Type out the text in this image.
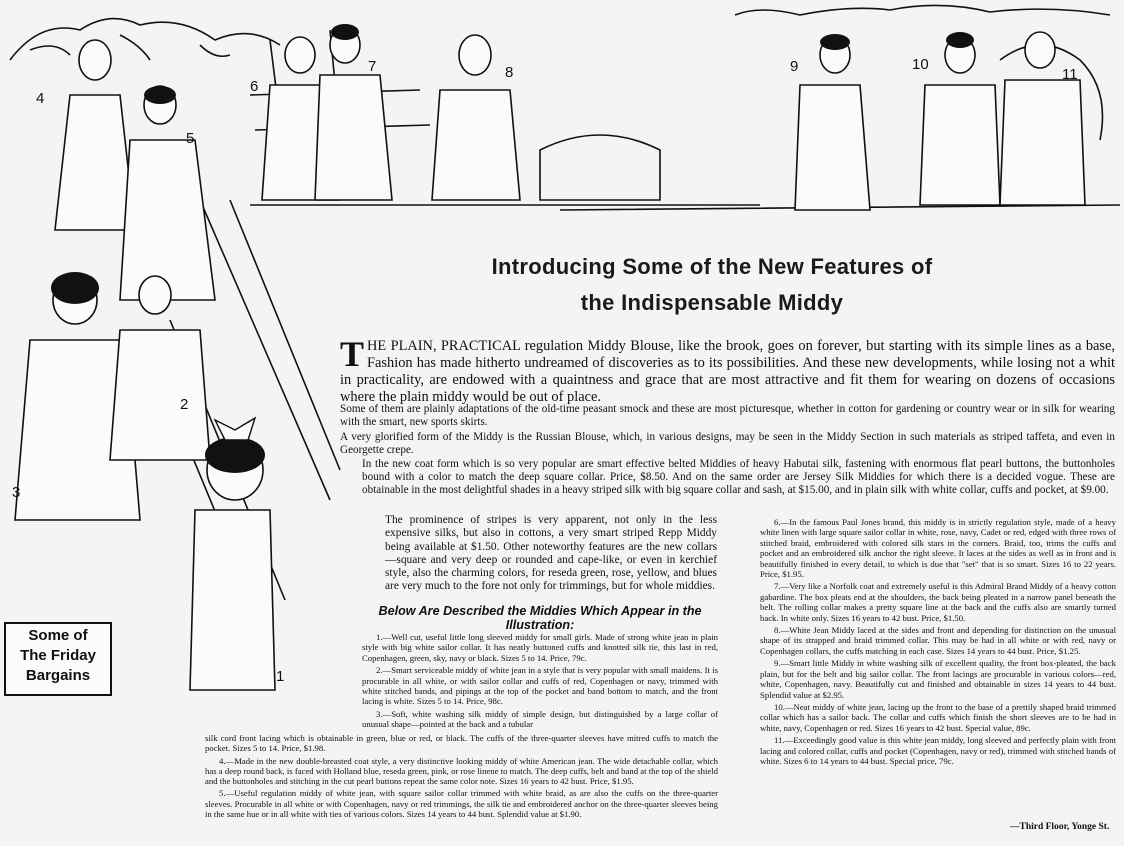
4
5
6
7	8	9	10
11
3
2
1
Introducing Some of the New Features of
the Indispensable Middy
THE PLAIN, PRACTICAL regulation Middy Blouse, like the brook, goes on forever, but starting with its simple lines as a base, Fashion has made hitherto undreamed of discoveries as to its possibilities. And these new developments, while losing not a whit in practicality, are endowed with a quaintness and grace that are most attractive and fit them for wearing on dozens of occasions where the plain middy would be out of place.
Some of them are plainly adaptations of the old-time peasant smock and these are most picturesque, whether in cotton for gardening or country wear or in silk for wearing with the smart, new sports skirts.
A very glorified form of the Middy is the Russian Blouse, which, in various designs, may be seen in the Middy Section in such materials as striped taffeta, and even in Georgette crepe.
In the new coat form which is so very popular are smart effective belted Middies of heavy Habutai silk, fastening with enormous flat pearl buttons, the buttonholes bound with a color to match the deep square collar. Price, $8.50. And on the same order are Jersey Silk Middies for which there is a decided vogue. These are obtainable in the most delightful shades in a heavy striped silk with big square collar and sash, at $15.00, and in plain silk with white collar, cuffs and pocket, at $9.00.
The prominence of stripes is very apparent, not only in the less expensive silks, but also in cottons, a very smart striped Repp Middy being available at $1.50. Other noteworthy features are the new collars—square and very deep or rounded and cape-like, or even in kerchief style, also the charming colors, for reseda green, rose, yellow, and blues are very much to the fore not only for trimmings, but for whole middies.
Below Are Described the Middies Which Appear in the Illustration:
1.—Well cut, useful little long sleeved middy for small girls. Made of strong white jean in plain style with big white sailor collar. It has neatly buttoned cuffs and knotted silk tie, this last in red, Copenhagen, green, sky, navy or black. Sizes 5 to 14. Price, 79c.
2.—Smart serviceable middy of white jean in a style that is very popular with small maidens. It is procurable in all white, or with sailor collar and cuffs of red, Copenhagen or navy, trimmed with white stitched bands, and pipings at the top of the pocket and band bottom to match, and the front lacing is white. Sizes 5 to 14. Price, 98c.
3.—Soft, white washing silk middy of simple design, but distinguished by a large collar of unusual shape—pointed at the back and a tubular
silk cord front lacing which is obtainable in green, blue or red, or black. The cuffs of the three-quarter sleeves have mitred cuffs to match the pocket. Sizes 5 to 14. Price, $1.98.
4.—Made in the new double-breasted coat style, a very distinctive looking middy of white American jean. The wide detachable collar, which has a deep round back, is faced with Holland blue, reseda green, pink, or rose linene to match. The deep cuffs, belt and band at the top of the shield and the buttonholes and stitching in the cut pearl buttons repeat the same color note. Sizes 16 years to 42 bust. Price, $1.95.
5.—Useful regulation middy of white jean, with square sailor collar trimmed with white braid, as are also the cuffs on the three-quarter sleeves. Procurable in all white or with Copenhagen, navy or red trimmings, the silk tie and embroidered anchor on the three-quarter sleeves being in the same hue or in all white with ties of various colors. Sizes 14 years to 44 bust. Splendid value at $1.90.
6.—In the famous Paul Jones brand, this middy is in strictly regulation style, made of a heavy white linen with large square sailor collar in white, rose, navy, Cadet or red, edged with three rows of stitched braid, embroidered with colored silk stars in the corners. Braid, too, trims the cuffs and pocket and an embroidered silk anchor the right sleeve. It laces at the sides as well as in front and is beautifully finished in every detail, to which is due that "set" that is so smart. Sizes 16 to 22 years. Price, $1.95.
7.—Very like a Norfolk coat and extremely useful is this Admiral Brand Middy of a heavy cotton gabardine. The box pleats end at the shoulders, the back being pleated in a narrow panel beneath the belt. The rolling collar makes a pretty square line at the back and the cuffs also are smartly turned back. In white only. Sizes 16 years to 42 bust. Price, $1.50.
8.—White Jean Middy laced at the sides and front and depending for distinction on the unusual shape of its strapped and braid trimmed collar. This may be had in all white or with red, navy or Copenhagen collars, the cuffs matching in each case. Sizes 14 years to 44 bust. Price, $1.25.
9.—Smart little Middy in white washing silk of excellent quality, the front box-pleated, the back plain, but for the belt and big sailor collar. The front lacings are procurable in various colors—red, white, Copenhagen, navy. Beautifully cut and finished and obtainable in sizes 14 years to 44 bust. Splendid value at $2.95.
10.—Neat middy of white jean, lacing up the front to the base of a prettily shaped braid trimmed collar which has a sailor back. The collar and cuffs which finish the short sleeves are to be had in white, navy, Copenhagen or red. Sizes 16 years to 42 bust. Special value, 89c.
11.—Exceedingly good value is this white jean middy, long sleeved and perfectly plain with front lacing and colored collar, cuffs and pocket (Copenhagen, navy or red), trimmed with stitched bands of white. Sizes 6 to 14 years to 44 bust. Special price, 79c.
—Third Floor, Yonge St.
Some of
The Friday
Bargains
